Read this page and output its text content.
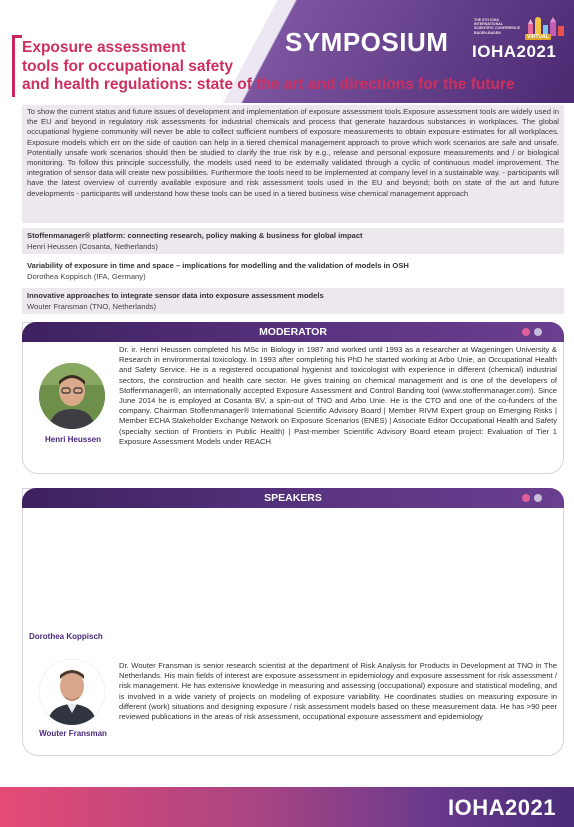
Exposure assessment
tools for occupational safety
and health regulations: state of the art and directions for the future
SYMPOSIUM
THE 8TH IOHA
INTERNATIONAL
SCIENTIFIC CONFERENCE
BADEN-BADEN
VIRTUAL
IOHA2021
To show the current status and future issues of development and implementation of exposure assessment tools.Exposure assessment tools are widely used in the EU and beyond in regulatory risk assessments for industrial chemicals and process that generate hazardous substances in workplaces. The global occupational hygiene community will never be able to collect sufficient numbers of exposure measurements to obtain exposure estimates for all workplaces. Exposure models which err on the side of caution can help in a tiered chemical management approach to prove which work scenarios are safe and unsafe. Potentially unsafe work scenarios should then be studied to clarify the true risk by e.g., release and personal exposure measurements and / or biological monitoring. To follow this principle successfully, the models used need to be externally validated through a cyclic of continuous model improvement. The integration of sensor data will create new possibilities. Furthermore the tools need to be implemented at company level in a sustainable way. - participants will have the latest overview of currently available exposure and risk assessment tools used in the EU and beyond; both on state of the art and future developments - participants will understand how these tools can be used in a tiered business wise chemical management approach
Stoffenmanager® platform: connecting research, policy making & business for global impact
Henri Heussen (Cosanta, Netherlands)
Variability of exposure in time and space – implications for modelling and the validation of models in OSH
Dorothea Koppisch (IFA, Germany)
Innovative approaches to integrate sensor data into exposure assessment models
Wouter Fransman (TNO, Netherlands)
MODERATOR
Henri Heussen
Dr. ir. Henri Heussen completed his MSc in Biology in 1987 and worked until 1993 as a researcher at Wageningen University & Research in environmental toxicology. In 1993 after completing his PhD he started working at Arbo Unie, an Occupational Health and Safety Service. He is a registered occupational hygienist and toxicologist with experience in different (chemical) industrial sectors, the construction and health care sector. He gives training on chemical management and is one of the developers of Stoffenmanager®, an internationally accepted Exposure Assessment and Control Banding tool (www.stoffenmanager.com). Since June 2014 he is employed at Cosanta BV, a spin-out of TNO and Arbo Unie. He is the CTO and one of the co-funders of the company. Chairman Stoffenmanager® International Scientific Advisory Board | Member RIVM Expert group on Emerging Risks | Member ECHA Stakeholder Exchange Network on Exposure Scenarios (ENES) | Associate Editor Occupational Health and Safety (specialty section of Frontiers in Public Health) | Past-member Scientific Advisory Board eteam project: Evaluation of Tier 1 Exposure Assessment Models under REACH
SPEAKERS
Dorothea Koppisch
Wouter Fransman
Dr. Wouter Fransman is senior research scientist at the department of Risk Analysis for Products in Development at TNO in The Netherlands. His main fields of interest are exposure assessment in epidemiology and exposure assessment for risk assessment / risk management. He has extensive knowledge in measuring and assessing (occupational) exposure and statistical modeling, and is involved in a wide variety of projects on modeling of exposure variability. He coordinates studies on measuring exposure in different (work) situations and designing exposure / risk assessment models based on these measurement data. He has >90 peer reviewed publications in the areas of risk assessment, occupational exposure assessment and epidemiology
IOHA2021
